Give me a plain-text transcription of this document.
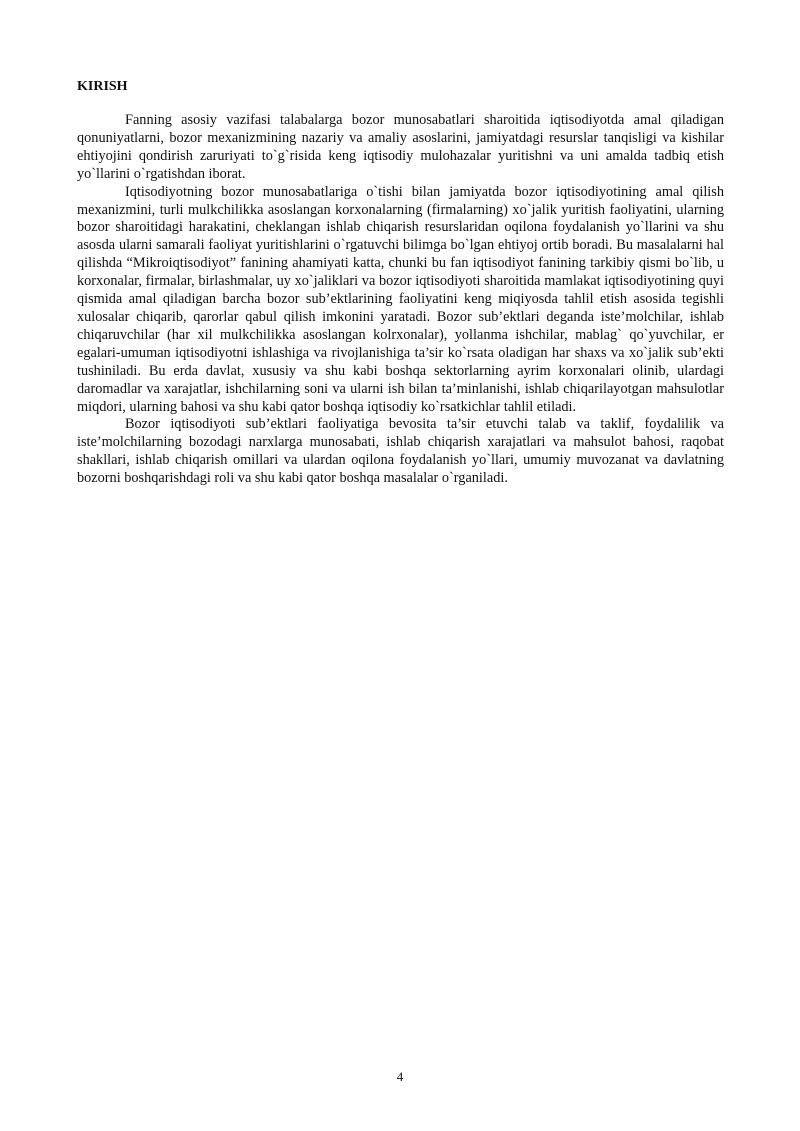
KIRISH

Fanning asosiy vazifasi talabalarga bozor munosabatlari sharoitida iqtisodiyotda amal qiladigan qonuniyatlarni, bozor mexanizmining nazariy va amaliy asoslarini, jamiyatdagi resurslar tanqisligi va kishilar ehtiyojini qondirish zaruriyati to`g`risida keng iqtisodiy mulohazalar yuritishni va uni amalda tadbiq etish yo`llarini o`rgatishdan iborat.

Iqtisodiyotning bozor munosabatlariga o`tishi bilan jamiyatda bozor iqtisodiyotining amal qilish mexanizmini, turli mulkchilikka asoslangan korxonalarning (firmalarning) xo`jalik yuritish faoliyatini, ularning bozor sharoitidagi harakatini, cheklangan ishlab chiqarish resurslaridan oqilona foydalanish yo`llarini va shu asosda ularni samarali faoliyat yuritishlarini o`rgatuvchi bilimga bo`lgan ehtiyoj ortib boradi. Bu masalalarni hal qilishda “Mikroiqtisodiyot” fanining ahamiyati katta, chunki bu fan iqtisodiyot fanining tarkibiy qismi bo`lib, u korxonalar, firmalar, birlashmalar, uy xo`jaliklari va bozor iqtisodiyoti sharoitida mamlakat iqtisodiyotining quyi qismida amal qiladigan barcha bozor sub’ektlarining faoliyatini keng miqiyosda tahlil etish asosida tegishli xulosalar chiqarib, qarorlar qabul qilish imkonini yaratadi. Bozor sub’ektlari deganda iste’molchilar, ishlab chiqaruvchilar (har xil mulkchilikka asoslangan kolrxonalar), yollanma ishchilar, mablag` qo`yuvchilar, er egalari-umuman iqtisodiyotni ishlashiga va rivojlanishiga ta’sir ko`rsata oladigan har shaxs va xo`jalik sub’ekti tushiniladi. Bu erda davlat, xususiy va shu kabi boshqa sektorlarning ayrim korxonalari olinib, ulardagi daromadlar va xarajatlar, ishchilarning soni va ularni ish bilan ta’minlanishi, ishlab chiqarilayotgan mahsulotlar miqdori, ularning bahosi va shu kabi qator boshqa iqtisodiy ko`rsatkichlar tahlil etiladi.

Bozor iqtisodiyoti sub’ektlari faoliyatiga bevosita ta’sir etuvchi talab va taklif, foydalilik va iste’molchilarning bozodagi narxlarga munosabati, ishlab chiqarish xarajatlari va mahsulot bahosi, raqobat shakllari, ishlab chiqarish omillari va ulardan oqilona foydalanish yo`llari, umumiy muvozanat va davlatning bozorni boshqarishdagi roli va shu kabi qator boshqa masalalar o`rganiladi.

4
